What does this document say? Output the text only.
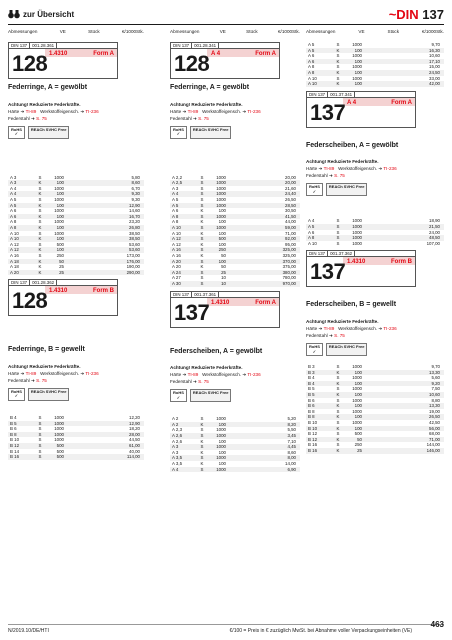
zur Übersicht	~DIN 137
Abmessungen	VE	Stück	€/1000Stk.	Abmessungen	VE	Stück	€/1000Stk. Abmessungen	VE	Stück	€/1000Stk.
DIN 137	001.28.361
128 1.4310	Form A
Federringe, A = gewölbt
Achtung! Reduzierte Federkräfte.
Härte ➜ TI-89 Werkstoffeigensch. ➜ TI-236
Federstahl ➜ S. 75
RoHS
✓
REACh SVHC Free
A 3	S	1000	5,80
A 3	K	100	8,60
A 4	S	1000	6,70
A 4	K	100	9,30
A 5	S	1000	9,30
A 5	K	100	12,90
A 6	S	1000	14,60
A 6	K	100	16,70
A 8	S	1000	23,20
A 8	K	100	26,80
A 10	S	1000	38,50
A 10	K	100	38,50
A 12	S	500	53,60
A 12	K	100	53,60
A 16	S	250	173,00
A 18	K	50	176,00
A 18	K	25	190,00
A 20	K	25	290,00
DIN 137	001.28.362
128 1.4310	Form B
Federringe, B = gewellt
Achtung! Reduzierte Federkräfte.
Härte ➜ TI-89 Werkstoffeigensch. ➜ TI-236
Federstahl ➜ S. 75
RoHS
✓
REACh SVHC Free
B 4	S	1000	12,20
B 5	S	1000	12,90
B 6	S	1000	18,20
B 8	S	1000	28,00
B 10	S	1000	44,50
B 12	S	500	61,00
B 14	S	500	40,00
B 16	S	500	114,00
DIN 137	001.28.341
128 A 4	Form A
Federringe, A = gewölbt
Achtung! Reduzierte Federkräfte.
Härte ➜ TI-89 Werkstoffeigensch. ➜ TI-236
Federstahl ➜ S. 75
RoHS
✓
REACh SVHC Free
A 2,2	S	1000	20,00
A 2,5	S	1000	20,00
A 3	S	1000	21,60
A 4	S	1000	24,40
A 5	S	1000	26,50
A 5	S	1000	28,50
A 6	K	100	30,50
A 8	S	1000	41,50
A 8	K	100	44,00
A 10	S	1000	59,00
A 10	K	100	71,00
A 12	S	500	92,00
A 12	K	100	95,00
A 16	S	250	325,00
A 16	K	50	325,00
A 20	S	100	370,00
A 20	K	50	375,00
A 24	S	25	380,00
A 27	S	10	780,00
A 30	S	10	970,00
DIN 137	001.37.361
137 1.4310	Form A
Federscheiben, A = gewölbt
Achtung! Reduzierte Federkräfte.
Härte ➜ TI-89 Werkstoffeigensch. ➜ TI-236
Federstahl ➜ S. 75
RoHS
✓
REACh SVHC Free
A 2	S	1000	5,20
A 2	K	100	8,20
A 2,3	S	1000	5,50
A 2,6	S	1000	3,45
A 2,6	K	100	7,10
A 3	S	1000	4,45
A 3	K	100	8,60
A 3,5	S	1000	8,00
A 3,5	K	100	14,00
A 4	S	1000	6,90
A 5	S	1000	9,70
A 5	K	100	16,30
A 6	S	1000	10,60
A 6	K	100	17,10
A 8	S	1000	15,00
A 8	K	100	24,50
A 10	S	1000	33,00
A 10	K	100	42,00
DIN 137	001.37.341
137 A 4	Form A
Federscheiben, A = gewölbt
Achtung! Reduzierte Federkräfte.
Härte ➜ TI-89 Werkstoffeigensch. ➜ TI-236
Federstahl ➜ S. 75
RoHS
✓
REACh SVHC Free
A 4	S	1000	18,90
A 5	S	1000	21,50
A 6	S	1000	24,00
A 8	S	1000	48,50
A 10	S	1000	107,00
DIN 137	001.37.362
137 1.4310	Form B
Federscheiben, B = gewellt
Achtung! Reduzierte Federkräfte.
Härte ➜ TI-89 Werkstoffeigensch. ➜ TI-236
Federstahl ➜ S. 75
RoHS
✓
REACh SVHC Free
B 3	S	1000	9,70
B 3	K	100	13,30
B 4	S	1000	5,60
B 4	K	100	9,20
B 5	S	1000	7,50
B 5	K	100	10,60
B 6	S	1000	8,80
B 6	K	100	13,30
B 8	S	1000	19,00
B 8	K	100	26,50
B 10	S	1000	42,50
B 10	K	100	56,00
B 12	S	500	68,00
B 12	K	50	71,00
B 16	S	250	144,00
B 16	K	25	146,00
463
N/2019.10/DE/HTI	€/100 = Preis in € zuzüglich MwSt. bei Abnahme voller Verpackungseinheiten (VE)
